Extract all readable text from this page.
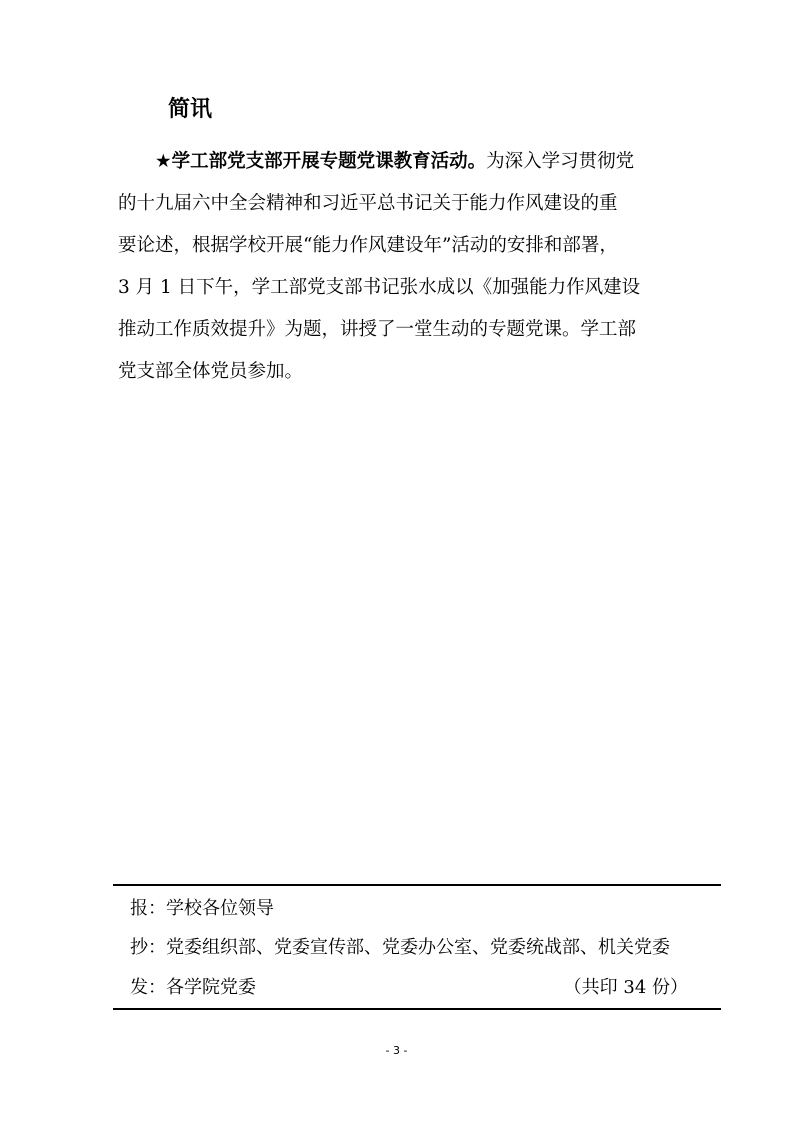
简讯
★学工部党支部开展专题党课教育活动。为深入学习贯彻党
的十九届六中全会精神和习近平总书记关于能力作风建设的重
要论述，根据学校开展“能力作风建设年”活动的安排和部署，
3 月 1 日下午，学工部党支部书记张水成以《加强能力作风建设
推动工作质效提升》为题，讲授了一堂生动的专题党课。学工部
党支部全体党员参加。
报：学校各位领导
抄：党委组织部、党委宣传部、党委办公室、党委统战部、机关党委
发：各学院党委	（共印 34 份）
- 3 -
